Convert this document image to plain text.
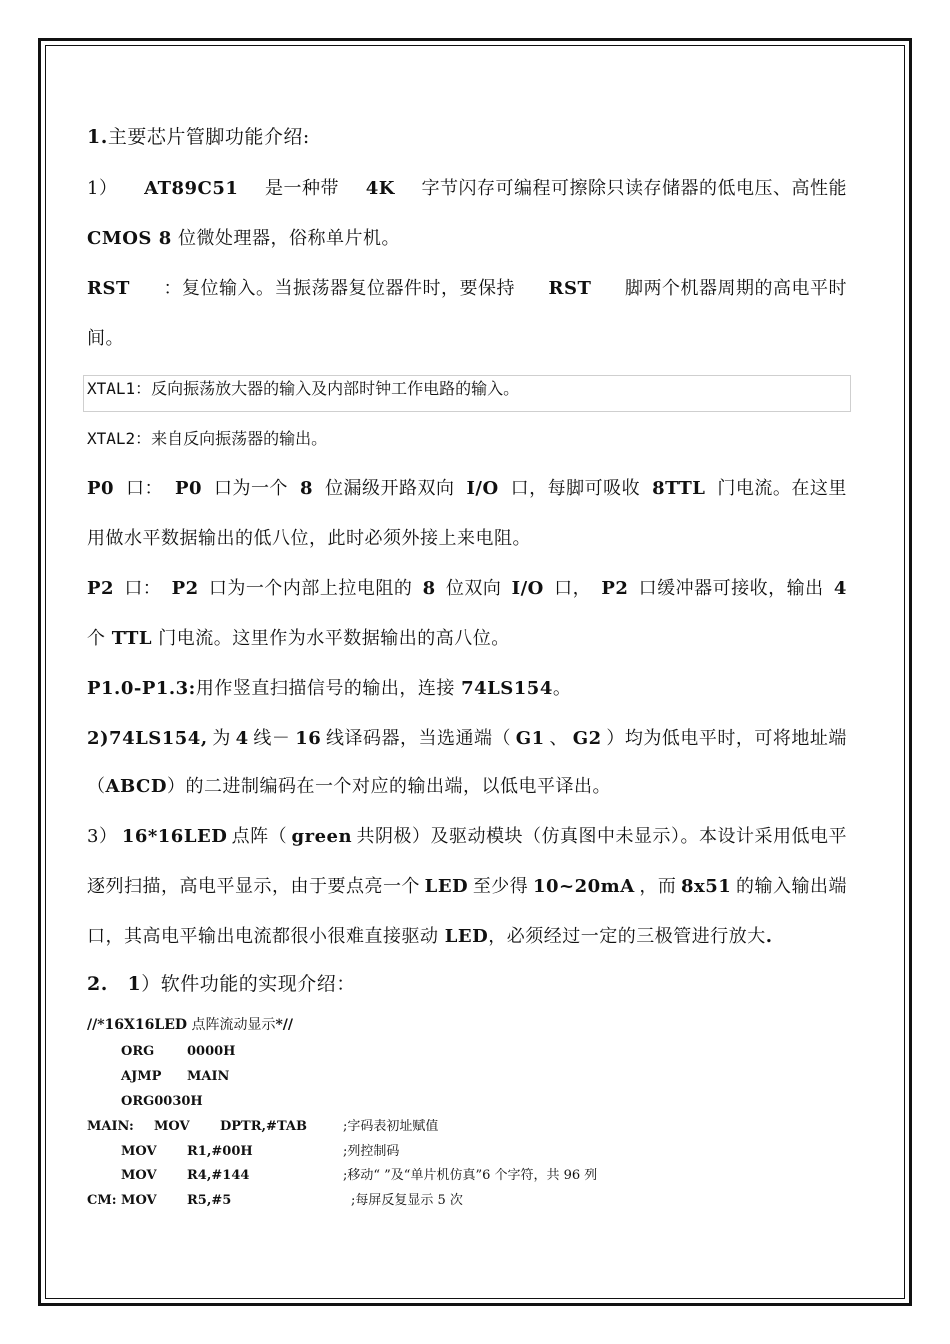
1.主要芯片管脚功能介绍:
1） AT89C51 是一种带 4K 字节闪存可编程可擦除只读存储器的低电压、高性能
CMOS 8 位微处理器，俗称单片机。
RST ：复位输入。当振荡器复位器件时，要保持 RST 脚两个机器周期的高电平时
间。
XTAL1：反向振荡放大器的输入及内部时钟工作电路的输入。
XTAL2：来自反向振荡器的输出。
P0 口： P0 口为一个 8 位漏级开路双向 I/O 口，每脚可吸收 8TTL 门电流。在这里
用做水平数据输出的低八位，此时必须外接上来电阻。
P2 口： P2 口为一个内部上拉电阻的 8 位双向 I/O 口， P2 口缓冲器可接收，输出 4
个 TTL 门电流。这里作为水平数据输出的高八位。
P1.0-P1.3:用作竖直扫描信号的输出，连接 74LS154。
2)74LS154, 为 4 线－ 16 线译码器，当选通端（ G1 、 G2 ）均为低电平时，可将地址端
（ABCD）的二进制编码在一个对应的输出端，以低电平译出。
3） 16*16LED 点阵（ green 共阴极）及驱动模块（仿真图中未显示）。本设计采用低电平
逐列扫描，高电平显示，由于要点亮一个 LED 至少得 10~20mA ，而 8x51 的输入输出端
口，其高电平输出电流都很小很难直接驱动 LED，必须经过一定的三极管进行放大.
2. 1）软件功能的实现介绍：
//*16X16LED 点阵流动显示*//
ORG	0000H
AJMP MAIN
ORG0030H
MAIN: MOV DPTR,#TAB	;字码表初址赋值
MOV R1,#00H	;列控制码
MOV R4,#144	;移动“ ”及“单片机仿真”6 个字符，共 96 列
CM: MOV R5,#5	;每屏反复显示 5 次
